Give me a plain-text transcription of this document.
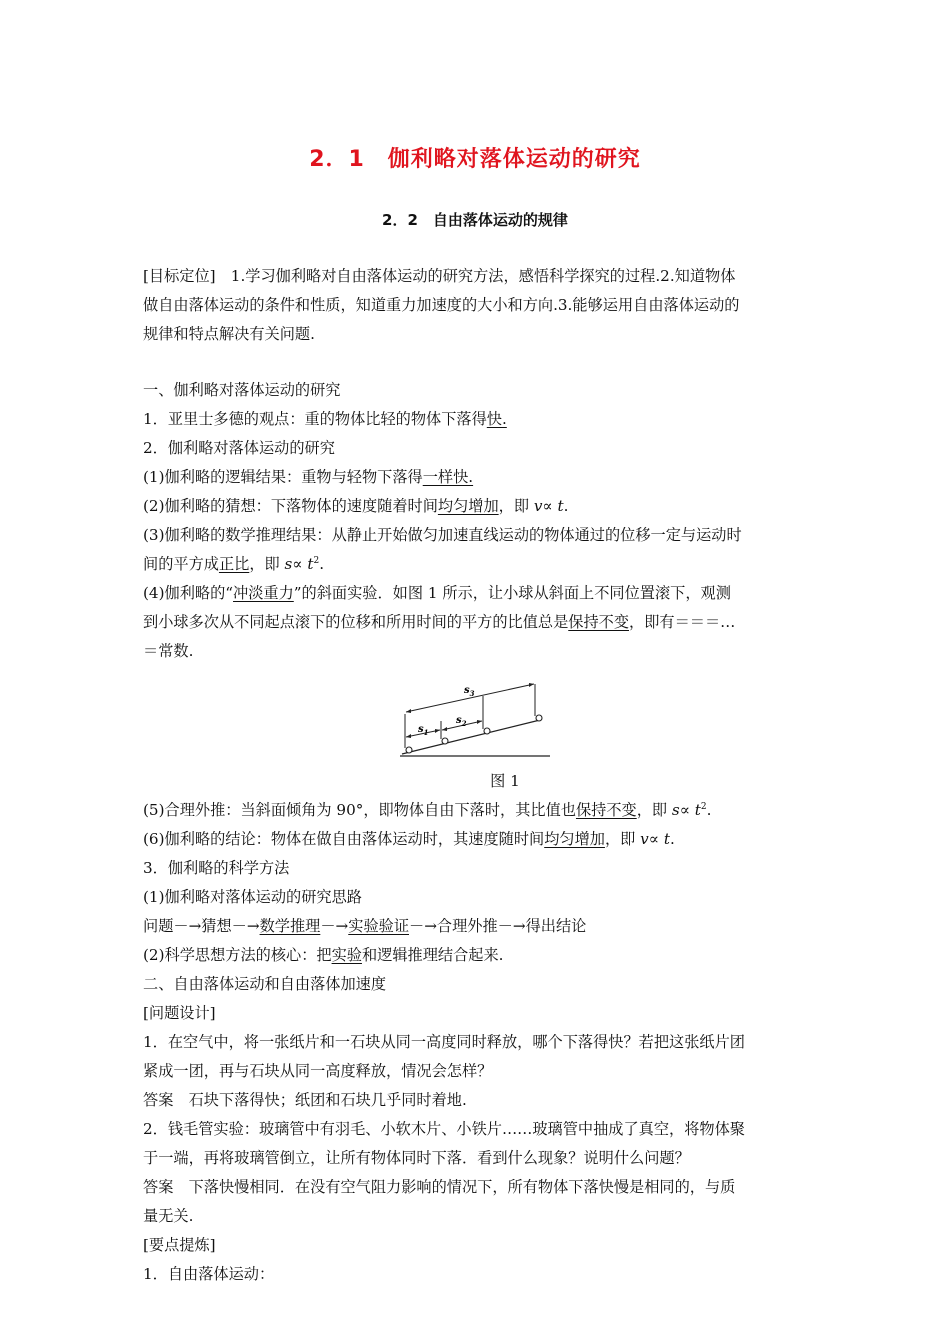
2．1　伽利略对落体运动的研究
2．2　自由落体运动的规律
[目标定位]　1.学习伽利略对自由落体运动的研究方法，感悟科学探究的过程.2.知道物体
做自由落体运动的条件和性质，知道重力加速度的大小和方向.3.能够运用自由落体运动的
规律和特点解决有关问题.
一、伽利略对落体运动的研究
1．亚里士多德的观点：重的物体比轻的物体下落得快.
2．伽利略对落体运动的研究
(1)伽利略的逻辑结果：重物与轻物下落得一样快.
(2)伽利略的猜想：下落物体的速度随着时间均匀增加，即 v∝ t.
(3)伽利略的数学推理结果：从静止开始做匀加速直线运动的物体通过的位移一定与运动时
间的平方成正比，即 $s\propto t^2$.
(4)伽利略的“冲淡重力”的斜面实验．如图 1 所示，让小球从斜面上不同位置滚下，观测
到小球多次从不同起点滚下的位移和所用时间的平方的比值总是保持不变，即有＝＝＝…
＝常数.
$s_1$
$s_2$
$s_3$
图 1
(5)合理外推：当斜面倾角为 90°，即物体自由下落时，其比值也保持不变，即 $s\propto t^2$.
(6)伽利略的结论：物体在做自由落体运动时，其速度随时间均匀增加，即 v∝ t.
3．伽利略的科学方法
(1)伽利略对落体运动的研究思路
问题－→猜想－→数学推理－→实验验证－→合理外推－→得出结论
(2)科学思想方法的核心：把实验和逻辑推理结合起来.
二、自由落体运动和自由落体加速度
[问题设计]
1．在空气中，将一张纸片和一石块从同一高度同时释放，哪个下落得快？若把这张纸片团
紧成一团，再与石块从同一高度释放，情况会怎样？
答案　石块下落得快；纸团和石块几乎同时着地.
2．钱毛管实验：玻璃管中有羽毛、小软木片、小铁片……玻璃管中抽成了真空，将物体聚
于一端，再将玻璃管倒立，让所有物体同时下落．看到什么现象？说明什么问题？
答案　下落快慢相同．在没有空气阻力影响的情况下，所有物体下落快慢是相同的，与质
量无关.
[要点提炼]
1．自由落体运动：
